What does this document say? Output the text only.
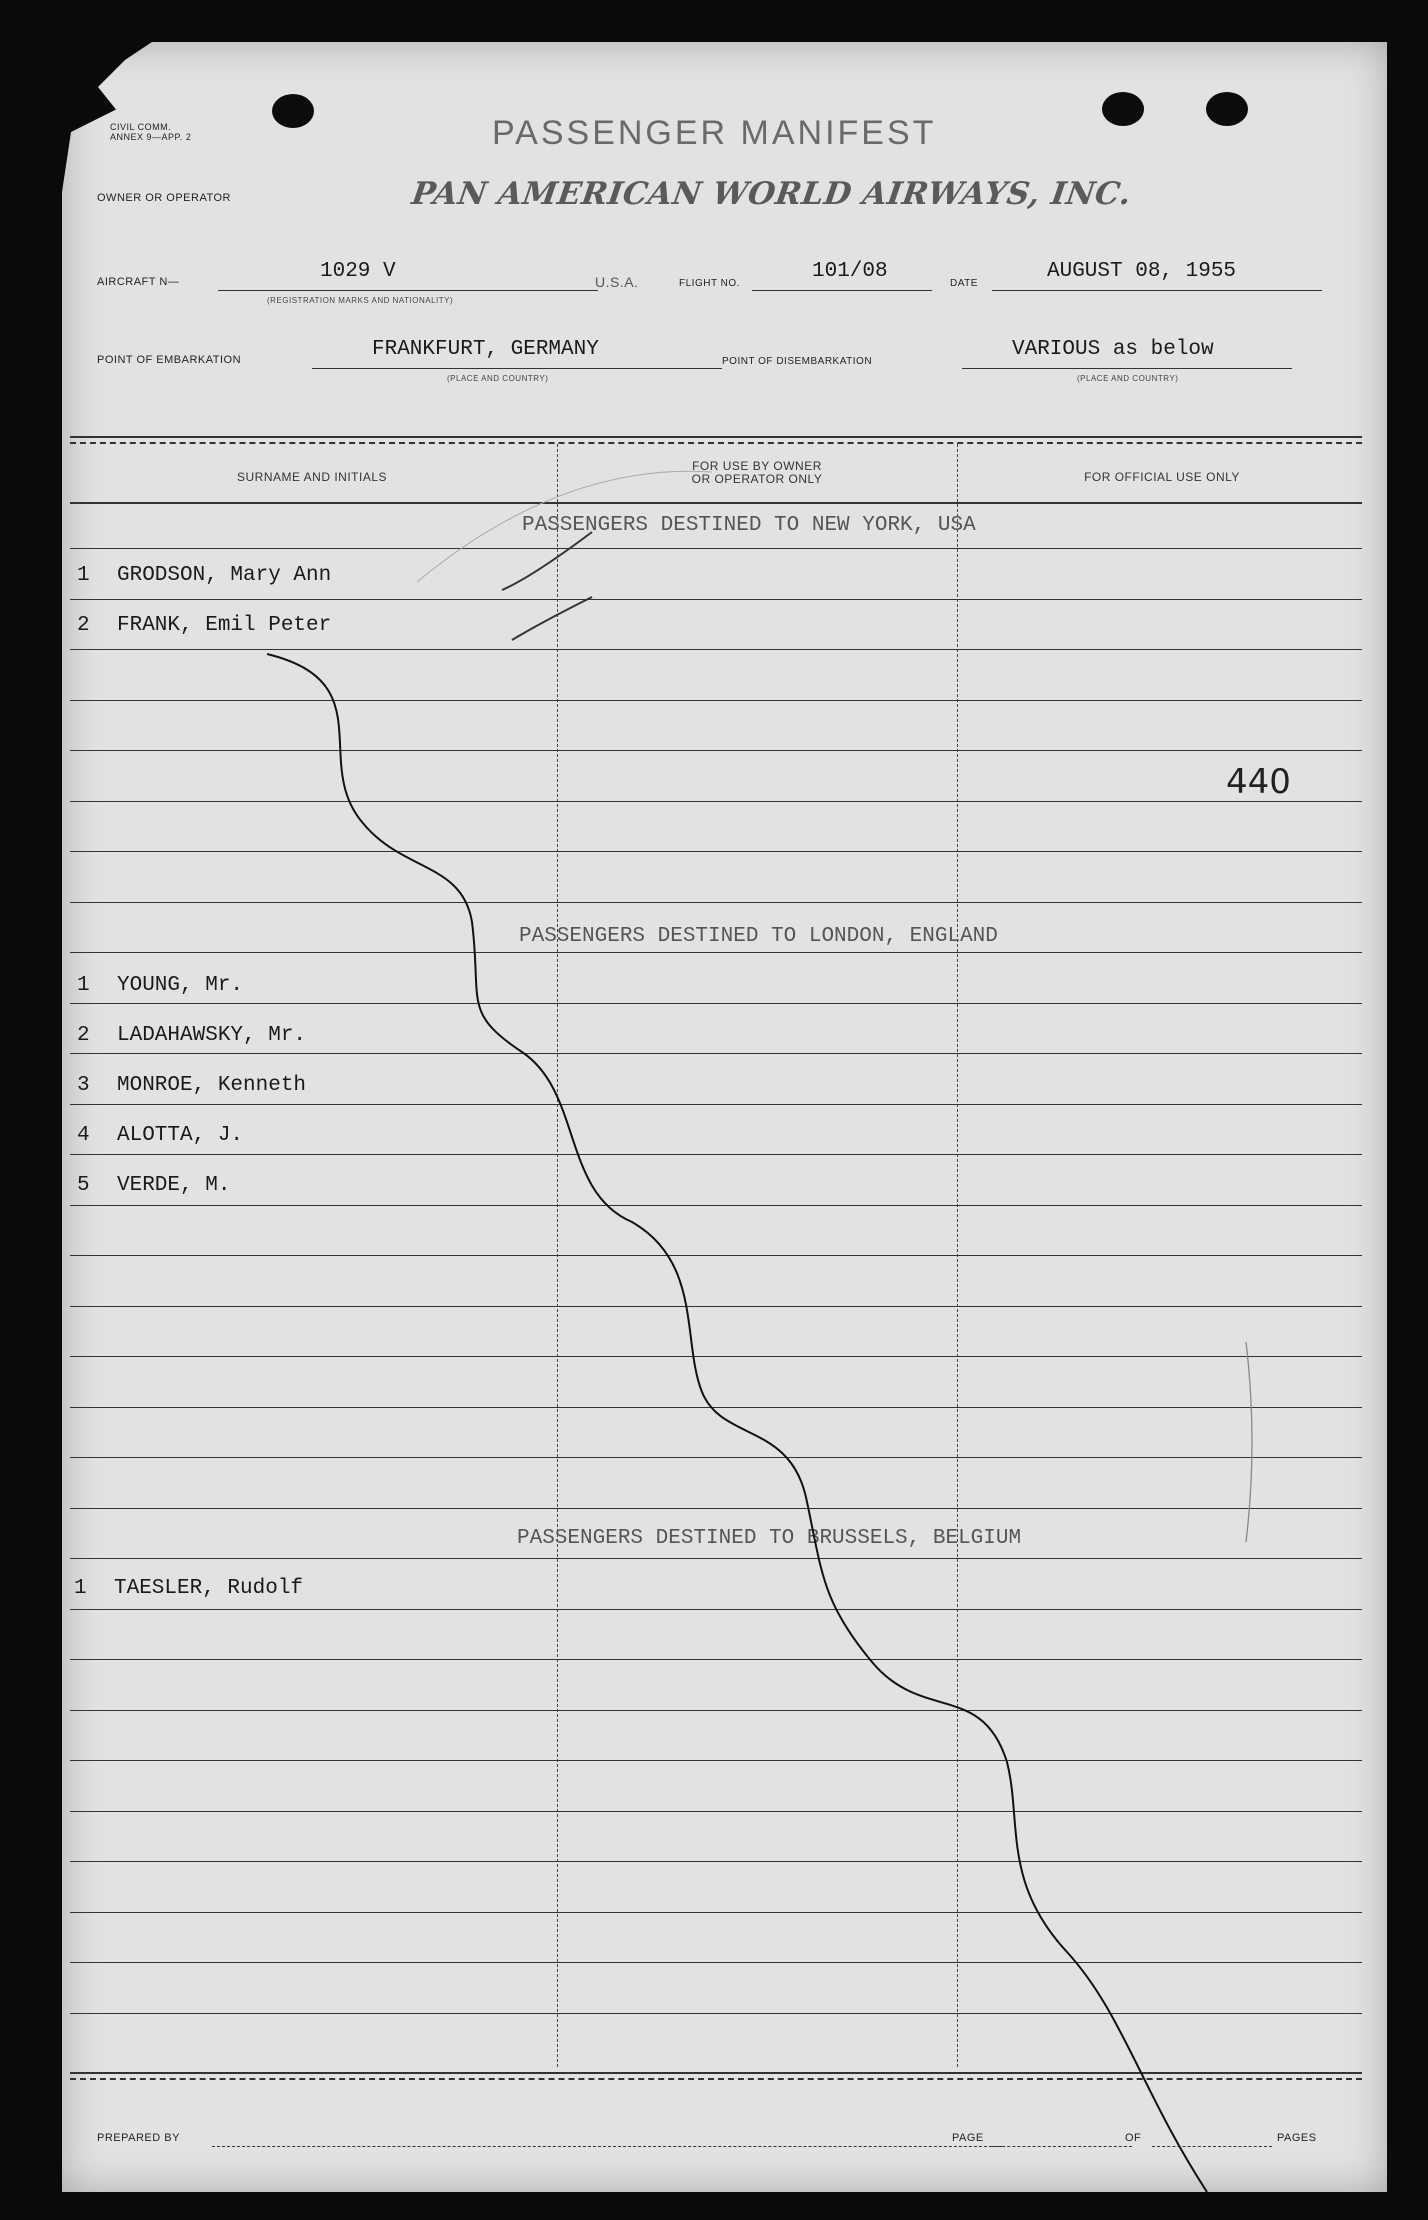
CIVIL COMM.
ANNEX 9—APP. 2	PASSENGER MANIFEST
OWNER OR OPERATOR	PAN AMERICAN WORLD AIRWAYS, INC.
AIRCRAFT N—	1029 V
(REGISTRATION MARKS AND NATIONALITY)
U.S.A.	FLIGHT NO.
101/08
DATE
AUGUST 08, 1955
POINT OF EMBARKATION	FRANKFURT, GERMANY
(PLACE AND COUNTRY)
POINT OF DISEMBARKATION
VARIOUS as below
(PLACE AND COUNTRY)
SURNAME AND INITIALS
FOR USE BY OWNER
OR OPERATOR ONLY	FOR OFFICIAL USE ONLY
PASSENGERS DESTINED TO NEW YORK, USA
1 GRODSON, Mary Ann
2 FRANK, Emil Peter
440
PASSENGERS DESTINED TO LONDON, ENGLAND
1 YOUNG, Mr.
2 LADAHAWSKY, Mr.
3 MONROE, Kenneth
4 ALOTTA, J.
5 VERDE, M.
PASSENGERS DESTINED TO BRUSSELS, BELGIUM
1 TAESLER, Rudolf
PREPARED BY	PAGE	OF	PAGES
